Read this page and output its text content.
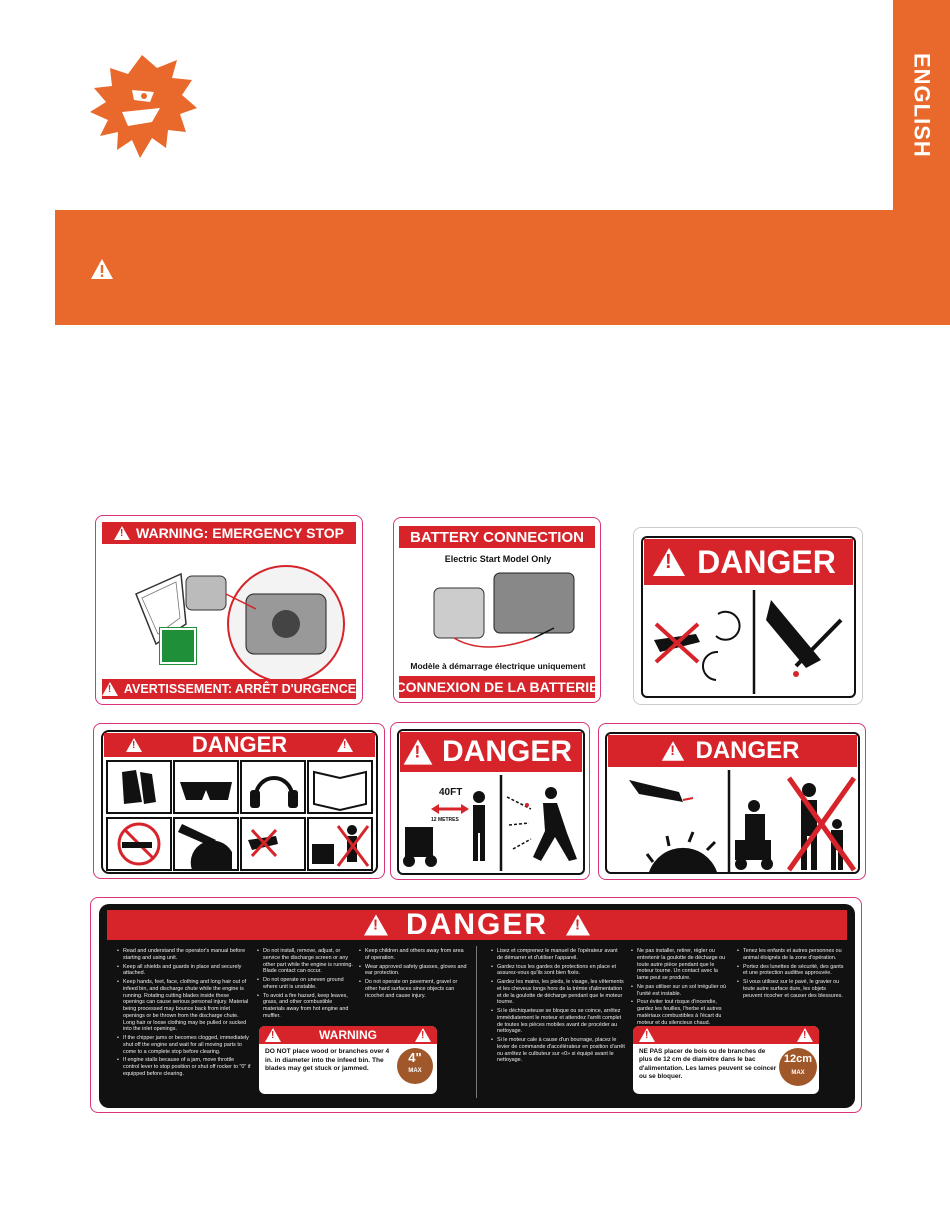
ENGLISH
!
WARNING: EMERGENCY STOP
!
AVERTISSEMENT: ARRÊT D'URGENCE
BATTERY CONNECTION
Electric Start Model Only
Modèle à démarrage électrique uniquement
CONNEXION DE LA BATTERIE
!
DANGER
!
DANGER ! !	DANGER
40FT
12 METRES
!
DANGER
!
DANGER
!
• Read and understand the operator's manual before starting and using unit.
• Keep all shields and guards in place and securely attached.
• Keep hands, feet, face, clothing and long hair out of infeed bin, and discharge chute while the engine is running. Rotating cutting blades inside these openings can cause serious personal injury. Material being processed may bounce back from inlet openings or be thrown from the discharge chute. Long hair or loose clothing may be pulled or sucked into the inlet openings.
• If the chipper jams or becomes clogged, immediately shut off the engine and wait for all moving parts to come to a complete stop before clearing.
• If engine stalls because of a jam, move throttle control lever to stop position or shut off rocker to "0" if equipped before clearing.
• Do not install, remove, adjust, or service the discharge screen or any other part while the engine is running. Blade contact can occur.
• Do not operate on uneven ground where unit is unstable.
• To avoid a fire hazard, keep leaves, grass, and other combustible materials away from hot engine and muffler.
• Keep children and others away from area of operation.
• Wear approved safety glasses, gloves and ear protection.
• Do not operate on pavement, gravel or other hard surfaces since objects can ricochet and cause injury.
!
WARNING
!
DO NOT place wood or branches over 4 in. in diameter into the infeed bin. The blades may get stuck or jammed.
4"
MAX
• Lisez et comprenez le manuel de l'opérateur avant de démarrer et d'utiliser l'appareil.
• Gardez tous les gardes de protections en place et assurez-vous qu'ils sont bien fixés.
• Gardez les mains, les pieds, le visage, les vêtements et les cheveux longs hors de la trémie d'alimentation et de la goulotte de décharge pendant que le moteur tourne.
• Si le déchiqueteuse se bloque ou se coince, arrêtez immédiatement le moteur et attendez l'arrêt complet de toutes les pièces mobiles avant de procéder au nettoyage.
• Si le moteur cale à cause d'un bourrage, placez le levier de commande d'accélérateur en position d'arrêt ou arrêtez le culbuteur sur «0» si équipé avant le nettoyage.
• Ne pas installer, retirer, régler ou entretenir la goulotte de décharge ou toute autre pièce pendant que le moteur tourne. Un contact avec la lame peut se produire.
• Ne pas utiliser sur un sol irrégulier où l'unité est instable.
• Pour éviter tout risque d'incendie, gardez les feuilles, l'herbe et autres matériaux combustibles à l'écart du moteur et du silencieux chaud.
• Tenez les enfants et autres personnes ou animal éloignés de la zone d'opération.
• Portez des lunettes de sécurité, des gants et une protection auditive approuvée.
• Si vous utilisez sur le pavé, le gravier ou toute autre surface dure, les objets peuvent ricocher et causer des blessures.
!
!
NE PAS placer de bois ou de branches de plus de 12 cm de diamètre dans le bac d'alimentation. Les lames peuvent se coincer ou se bloquer.
12cm
MAX
